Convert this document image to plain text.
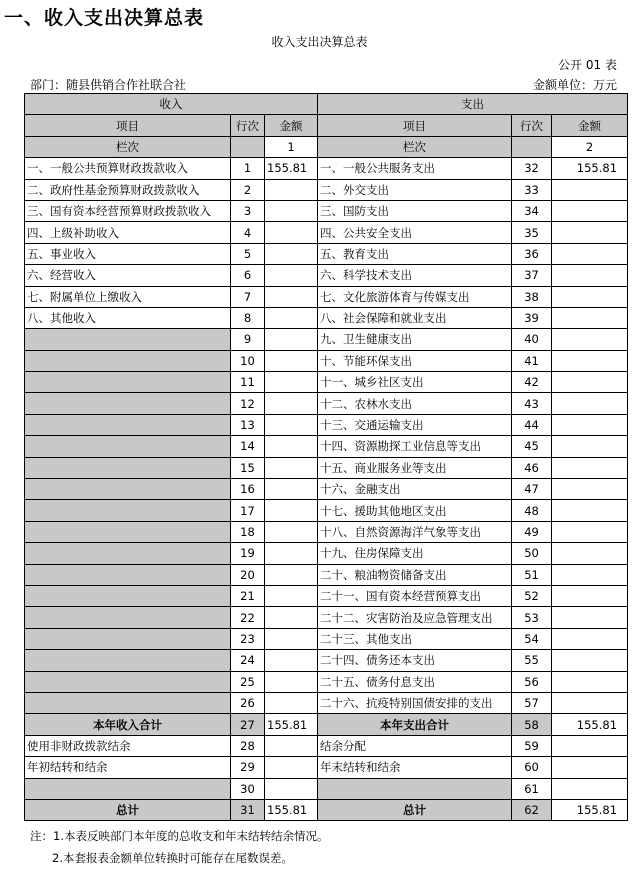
一、收入支出决算总表
收入支出决算总表
公开 01 表
部门：随县供销合作社联合社	金额单位：万元
收入			支出		
项目	行次	金额	项目	行次	金额
栏次		1	栏次		2
一、一般公共预算财政拨款收入	1	155.81	一、一般公共服务支出	32	155.81
二、政府性基金预算财政拨款收入	2		二、外交支出	33	
三、国有资本经营预算财政拨款收入	3		三、国防支出	34	
四、上级补助收入	4		四、公共安全支出	35	
五、事业收入	5		五、教育支出	36	
六、经营收入	6		六、科学技术支出	37	
七、附属单位上缴收入	7		七、文化旅游体育与传媒支出	38	
八、其他收入	8		八、社会保障和就业支出	39	
	9		九、卫生健康支出	40	
	10		十、节能环保支出	41	
	11		十一、城乡社区支出	42	
	12		十二、农林水支出	43	
	13		十三、交通运输支出	44	
	14		十四、资源勘探工业信息等支出	45	
	15		十五、商业服务业等支出	46	
	16		十六、金融支出	47	
	17		十七、援助其他地区支出	48	
	18		十八、自然资源海洋气象等支出	49	
	19		十九、住房保障支出	50	
	20		二十、粮油物资储备支出	51	
	21		二十一、国有资本经营预算支出	52	
	22		二十二、灾害防治及应急管理支出	53	
	23		二十三、其他支出	54	
	24		二十四、债务还本支出	55	
	25		二十五、债务付息支出	56	
	26		二十六、抗疫特别国债安排的支出	57	
本年收入合计	27	155.81	本年支出合计	58	155.81
使用非财政拨款结余	28		结余分配	59	
年初结转和结余	29		年末结转和结余	60	
	30			61	
总计	31	155.81	总计	62	155.81
注：1.本表反映部门本年度的总收支和年末结转结余情况。
2.本套报表金额单位转换时可能存在尾数误差。
